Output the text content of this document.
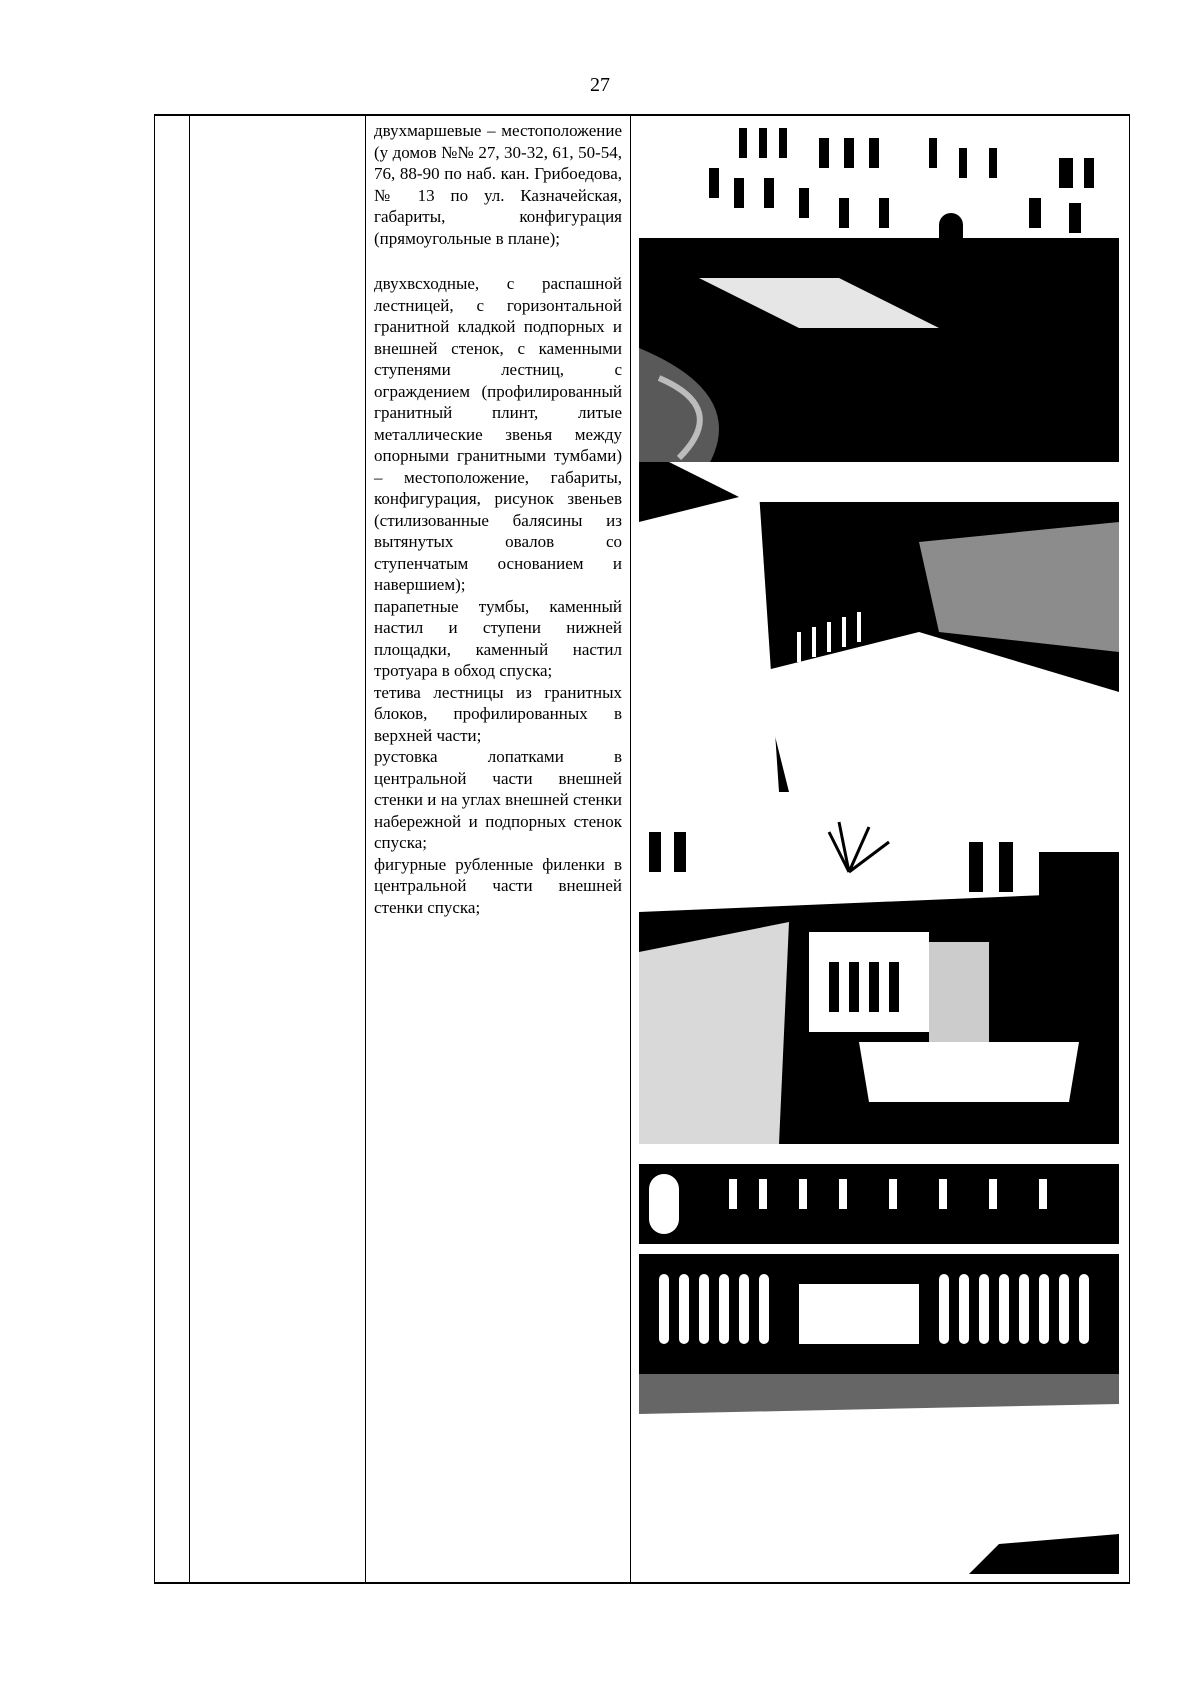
27

двухмаршевые – местоположение (у домов №№ 27, 30-32, 61, 50-54, 76, 88-90 по наб. кан. Грибоедова, № 13 по ул. Казначейская, габариты, конфигурация (прямоугольные в плане);

двухвсходные, с распашной лестницей, с горизонтальной гранитной кладкой подпорных и внешней стенок, с каменными ступенями лестниц, с ограждением (профилированный гранитный плинт, литые металлические звенья между опорными гранитными тумбами) – местоположение, габариты, конфигурация, рисунок звеньев (стилизованные балясины из вытянутых овалов со ступенчатым основанием и навершием);

парапетные тумбы, каменный настил и ступени нижней площадки, каменный настил тротуара в обход спуска;

тетива лестницы из гранитных блоков, профилированных в верхней части;

рустовка лопатками в центральной части внешней стенки и на углах внешней стенки набережной и подпорных стенок спуска;

фигурные рубленные филенки в центральной части внешней стенки спуска;
